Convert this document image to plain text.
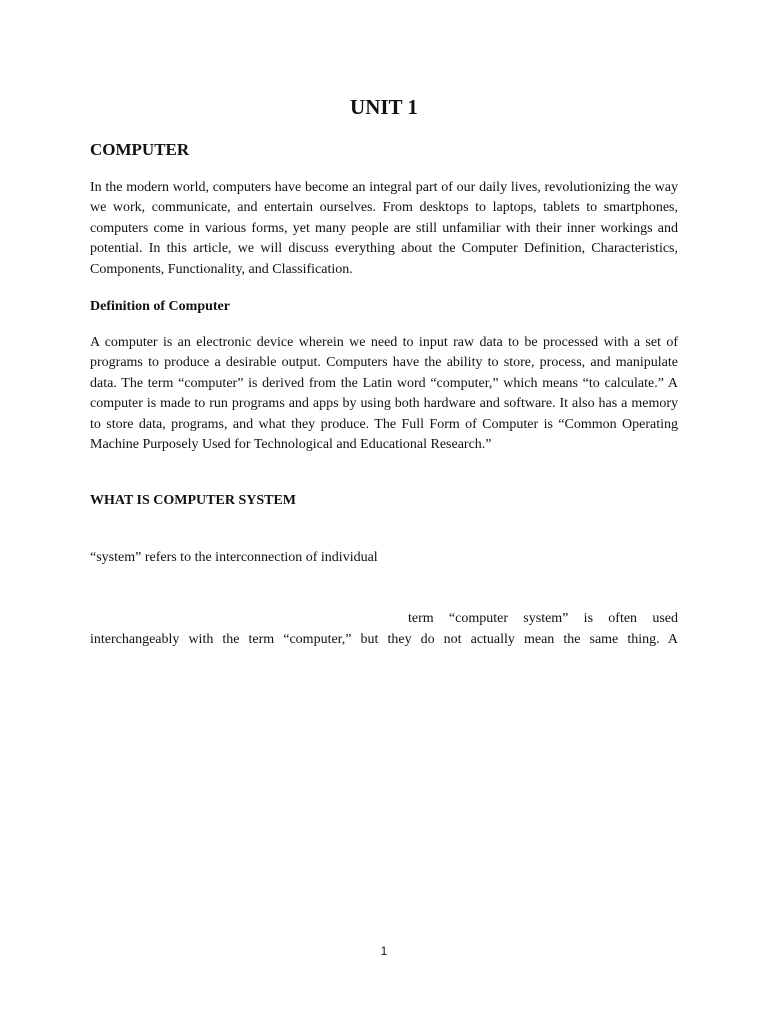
UNIT 1
COMPUTER

In the modern world, computers have become an integral part of our daily lives, revolutionizing the way we work, communicate, and entertain ourselves. From desktops to laptops, tablets to smartphones, computers come in various forms, yet many people are still unfamiliar with their inner workings and potential. In this article, we will discuss everything about the Computer Definition, Characteristics, Components, Functionality, and Classification.

Definition of Computer

A computer is an electronic device wherein we need to input raw data to be processed with a set of programs to produce a desirable output. Computers have the ability to store, process, and manipulate data. The term “computer” is derived from the Latin word “computer,” which means “to calculate.” A computer is made to run programs and apps by using both hardware and software. It also has a memory to store data, programs, and what they produce. The Full Form of Computer is “Common Operating Machine Purposely Used for Technological and Educational Research.”

WHAT IS COMPUTER SYSTEM
“system” refers to the interconnection of individual
term “computer system” is often used
interchangeably with the term “computer,” but they do not actually mean the same thing. A
1
